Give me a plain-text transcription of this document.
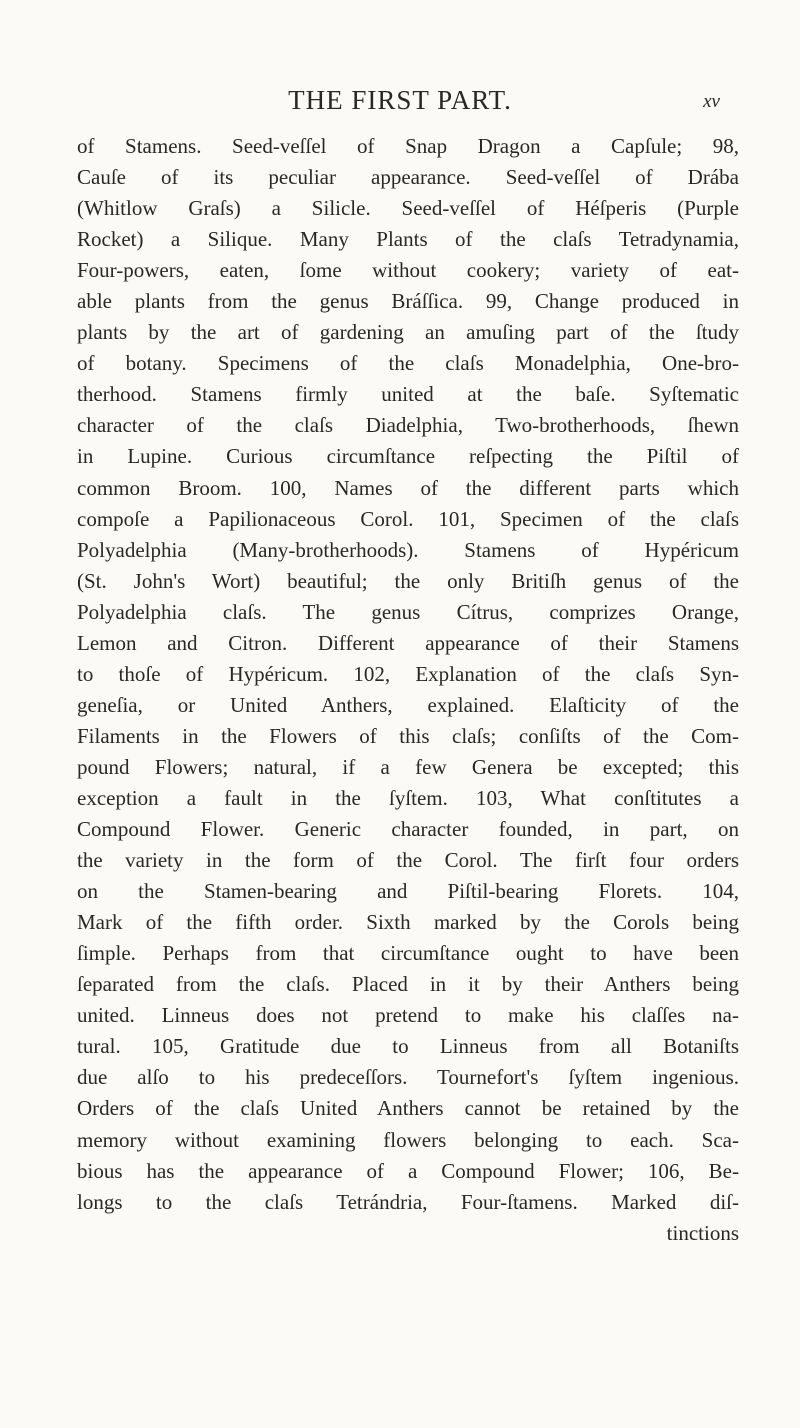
THE FIRST PART.	xv
of Stamens. Seed-veſſel of Snap Dragon a Capſule; 98,
Cauſe of its peculiar appearance. Seed-veſſel of Drába
(Whitlow Graſs) a Silicle. Seed-veſſel of Héſperis (Purple
Rocket) a Silique. Many Plants of the claſs Tetradynamia,
Four-powers, eaten, ſome without cookery; variety of eat-
able plants from the genus Bráſſica. 99, Change produced in
plants by the art of gardening an amuſing part of the ſtudy
of botany. Specimens of the claſs Monadelphia, One-bro-
therhood. Stamens firmly united at the baſe. Syſtematic
character of the claſs Diadelphia, Two-brotherhoods, ſhewn
in Lupine. Curious circumſtance reſpecting the Piſtil of
common Broom. 100, Names of the different parts which
compoſe a Papilionaceous Corol. 101, Specimen of the claſs
Polyadelphia (Many-brotherhoods). Stamens of Hypéricum
(St. John's Wort) beautiful; the only Britiſh genus of the
Polyadelphia claſs. The genus Cítrus, comprizes Orange,
Lemon and Citron. Different appearance of their Stamens
to thoſe of Hypéricum. 102, Explanation of the claſs Syn-
geneſia, or United Anthers, explained. Elaſticity of the
Filaments in the Flowers of this claſs; conſiſts of the Com-
pound Flowers; natural, if a few Genera be excepted; this
exception a fault in the ſyſtem. 103, What conſtitutes a
Compound Flower. Generic character founded, in part, on
the variety in the form of the Corol. The firſt four orders
on the Stamen-bearing and Piſtil-bearing Florets. 104,
Mark of the fifth order. Sixth marked by the Corols being
ſimple. Perhaps from that circumſtance ought to have been
ſeparated from the claſs. Placed in it by their Anthers being
united. Linneus does not pretend to make his claſſes na-
tural. 105, Gratitude due to Linneus from all Botaniſts
due alſo to his predeceſſors. Tournefort's ſyſtem ingenious.
Orders of the claſs United Anthers cannot be retained by the
memory without examining flowers belonging to each. Sca-
bious has the appearance of a Compound Flower; 106, Be-
longs to the claſs Tetrándria, Four-ſtamens. Marked diſ-
tinctions
